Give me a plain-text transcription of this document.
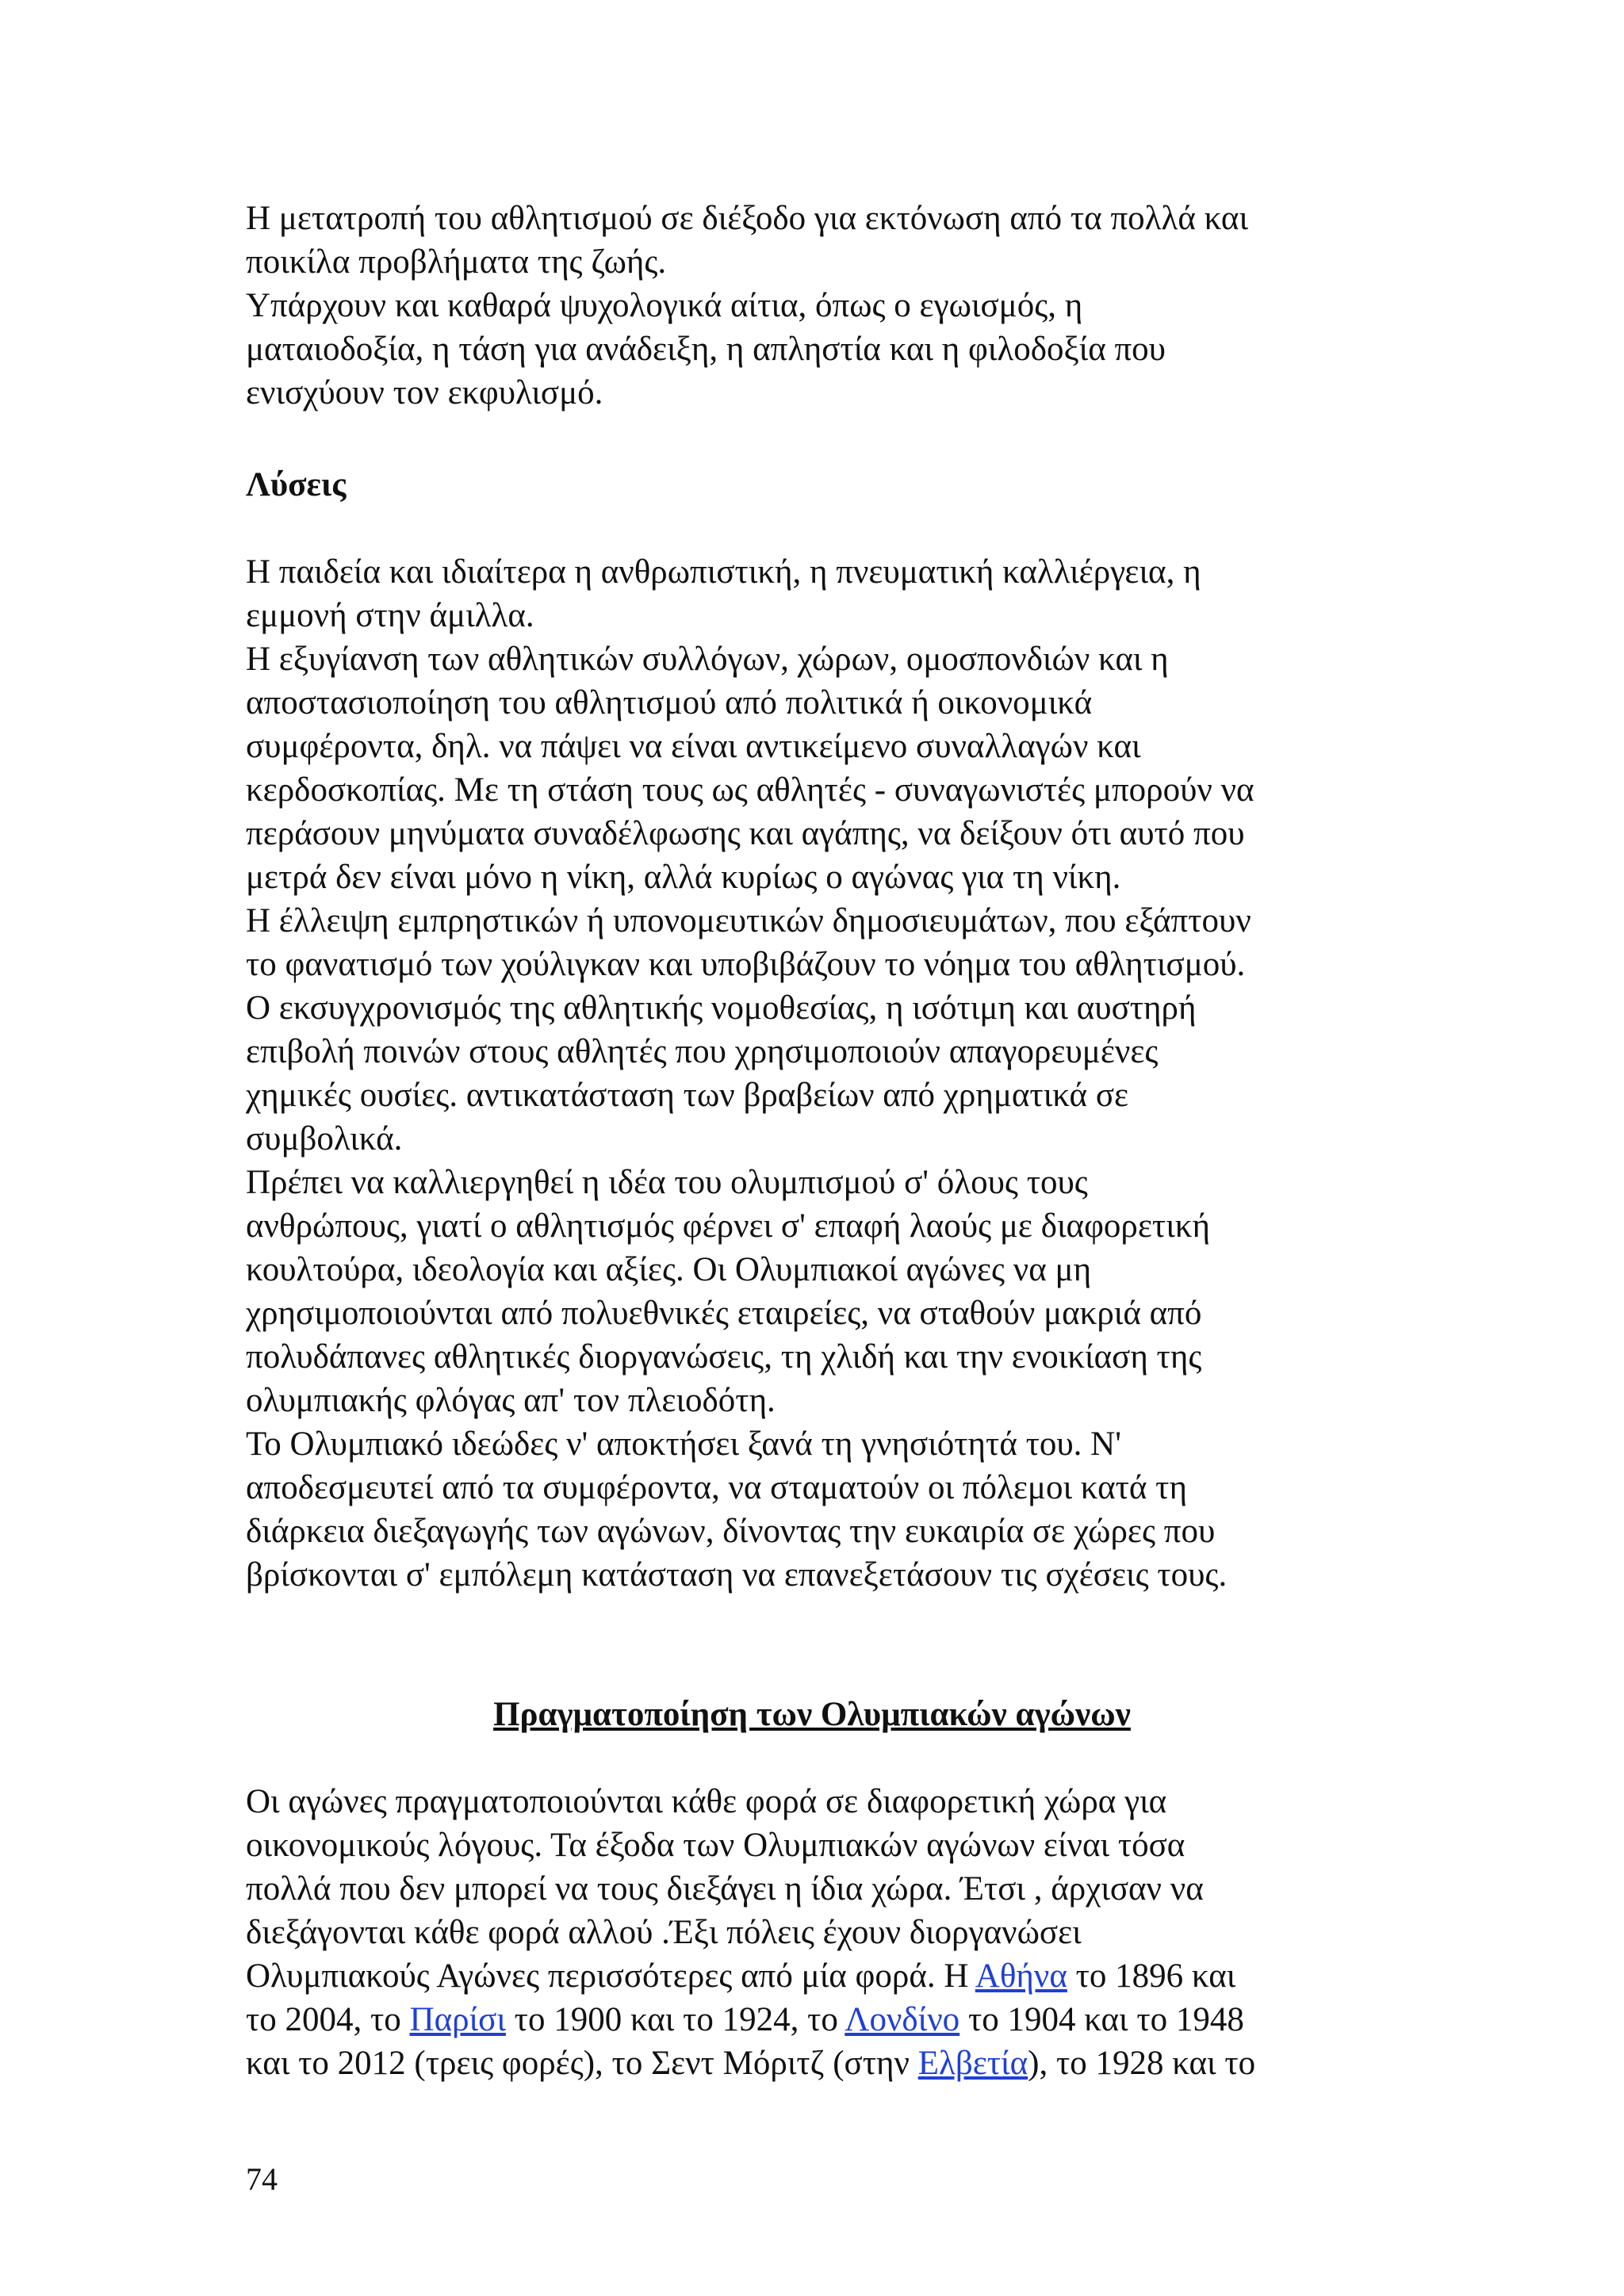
Η μετατροπή του αθλητισμού σε διέξοδο για εκτόνωση από τα πολλά και
ποικίλα προβλήματα της ζωής.
Υπάρχουν και καθαρά ψυχολογικά αίτια, όπως ο εγωισμός, η
ματαιοδοξία, η τάση για ανάδειξη, η απληστία και η φιλοδοξία που
ενισχύουν τον εκφυλισμό.
Λύσεις
Η παιδεία και ιδιαίτερα η ανθρωπιστική, η πνευματική καλλιέργεια, η
εμμονή στην άμιλλα.
Η εξυγίανση των αθλητικών συλλόγων, χώρων, ομοσπονδιών και η
αποστασιοποίηση του αθλητισμού από πολιτικά ή οικονομικά
συμφέροντα, δηλ. να πάψει να είναι αντικείμενο συναλλαγών και
κερδοσκοπίας. Με τη στάση τους ως αθλητές - συναγωνιστές μπορούν να
περάσουν μηνύματα συναδέλφωσης και αγάπης, να δείξουν ότι αυτό που
μετρά δεν είναι μόνο η νίκη, αλλά κυρίως ο αγώνας για τη νίκη.
Η έλλειψη εμπρηστικών ή υπονομευτικών δημοσιευμάτων, που εξάπτουν
το φανατισμό των χούλιγκαν και υποβιβάζουν το νόημα του αθλητισμού.
Ο εκσυγχρονισμός της αθλητικής νομοθεσίας, η ισότιμη και αυστηρή
επιβολή ποινών στους αθλητές που χρησιμοποιούν απαγορευμένες
χημικές ουσίες. αντικατάσταση των βραβείων από χρηματικά σε
συμβολικά.
Πρέπει να καλλιεργηθεί η ιδέα του ολυμπισμού σ' όλους τους
ανθρώπους, γιατί ο αθλητισμός φέρνει σ' επαφή λαούς με διαφορετική
κουλτούρα, ιδεολογία και αξίες. Οι Ολυμπιακοί αγώνες να μη
χρησιμοποιούνται από πολυεθνικές εταιρείες, να σταθούν μακριά από
πολυδάπανες αθλητικές διοργανώσεις, τη χλιδή και την ενοικίαση της
ολυμπιακής φλόγας απ' τον πλειοδότη.
Το Ολυμπιακό ιδεώδες ν' αποκτήσει ξανά τη γνησιότητά του. Ν'
αποδεσμευτεί από τα συμφέροντα, να σταματούν οι πόλεμοι κατά τη
διάρκεια διεξαγωγής των αγώνων, δίνοντας την ευκαιρία σε χώρες που
βρίσκονται σ' εμπόλεμη κατάσταση να επανεξετάσουν τις σχέσεις τους.
Πραγματοποίηση των Ολυμπιακών αγώνων
Οι αγώνες πραγματοποιούνται κάθε φορά σε διαφορετική χώρα για
οικονομικούς λόγους. Τα έξοδα των Ολυμπιακών αγώνων είναι τόσα
πολλά που δεν μπορεί να τους διεξάγει η ίδια χώρα. Έτσι , άρχισαν να
διεξάγονται κάθε φορά αλλού .Έξι πόλεις έχουν διοργανώσει
Ολυμπιακούς Αγώνες περισσότερες από μία φορά. Η Αθήνα το 1896 και
το 2004, το Παρίσι το 1900 και το 1924, το Λονδίνο το 1904 και το 1948
και το 2012 (τρεις φορές), το Σεντ Μόριτζ (στην Ελβετία), το 1928 και το
74
